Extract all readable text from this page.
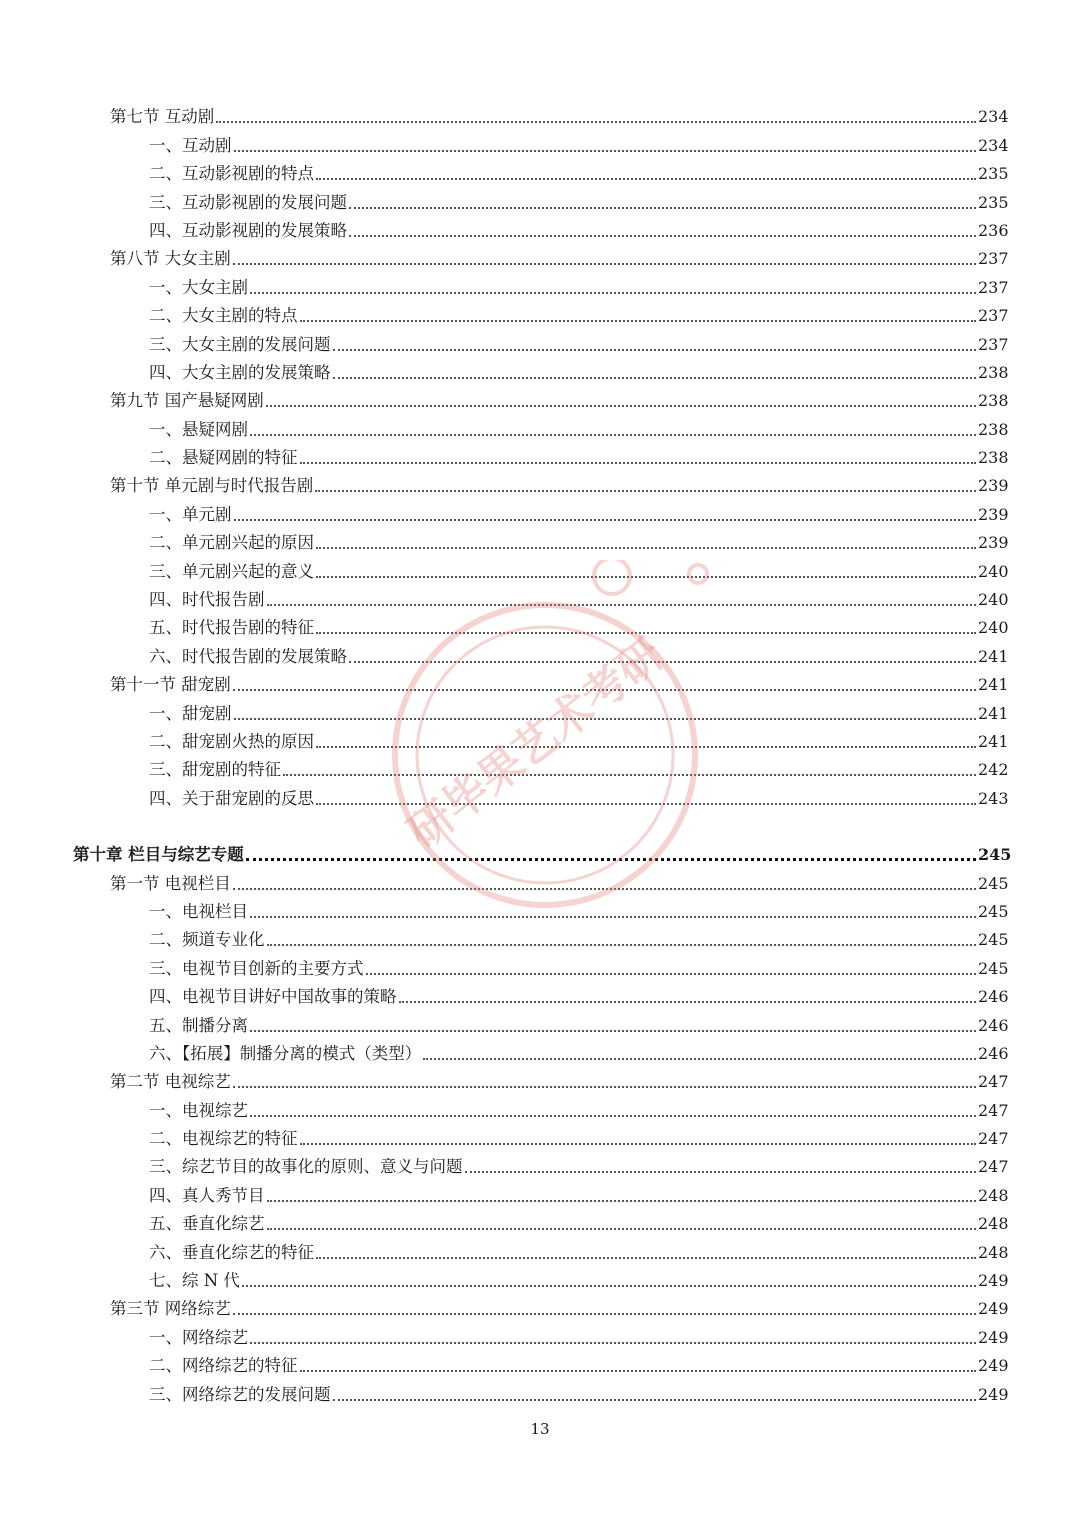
第七节 互动剧	234
一、互动剧	234
二、互动影视剧的特点	235
三、互动影视剧的发展问题	235
四、互动影视剧的发展策略	236
第八节 大女主剧	237
一、大女主剧	237
二、大女主剧的特点	237
三、大女主剧的发展问题	237
四、大女主剧的发展策略	238
第九节 国产悬疑网剧	238
一、悬疑网剧	238
二、悬疑网剧的特征	238
第十节 单元剧与时代报告剧	239
一、单元剧	239
二、单元剧兴起的原因	239
三、单元剧兴起的意义	240
四、时代报告剧	240
五、时代报告剧的特征	240
六、时代报告剧的发展策略	241
第十一节 甜宠剧	241
一、甜宠剧	241
二、甜宠剧火热的原因	241
三、甜宠剧的特征	242
四、关于甜宠剧的反思	243
第十章 栏目与综艺专题	245
第一节 电视栏目	245
一、电视栏目	245
二、频道专业化	245
三、电视节目创新的主要方式	245
四、电视节目讲好中国故事的策略	246
五、制播分离	246
六、【拓展】制播分离的模式（类型）	246
第二节 电视综艺	247
一、电视综艺	247
二、电视综艺的特征	247
三、综艺节目的故事化的原则、意义与问题	247
四、真人秀节目	248
五、垂直化综艺	248
六、垂直化综艺的特征	248
七、综 N 代	249
第三节 网络综艺	249
一、网络综艺	249
二、网络综艺的特征	249
三、网络综艺的发展问题	249
研毕果艺术考研
13
